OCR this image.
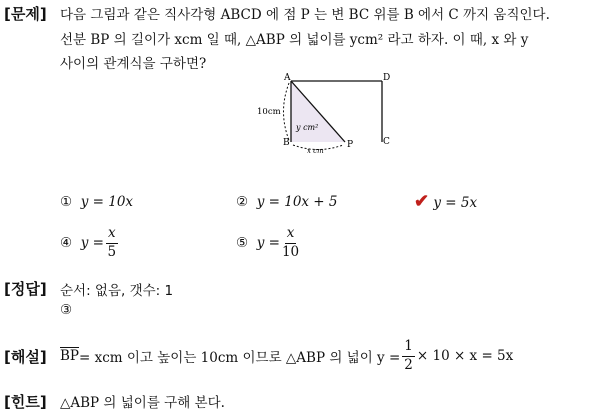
[문제] 다음 그림과 같은 직사각형 ABCD 에 점 P 는 변 BC 위를 B 에서 C 까지 움직인다.
선분 BP 의 길이가 xcm 일 때, △ABP 의 넓이를 ycm² 라고 하자. 이 때, x 와 y
사이의 관계식을 구하면?
A	D
B	P	C
10cm
y cm²
x cm
① y = 10x	② y = 10x + 5	✔ y = 5x
④
$y = \frac{x}{5}$	⑤
$y = \frac{x}{10}$
[정답] 순서: 없음, 갯수: 1
③
[해설] $\overline{BP}$ = xcm 이고 높이는 10cm 이므로 △ABP 의 넓이 $y = \frac{1}{2} \times 10 \times x = 5x$
[힌트] △ABP 의 넓이를 구해 본다.
